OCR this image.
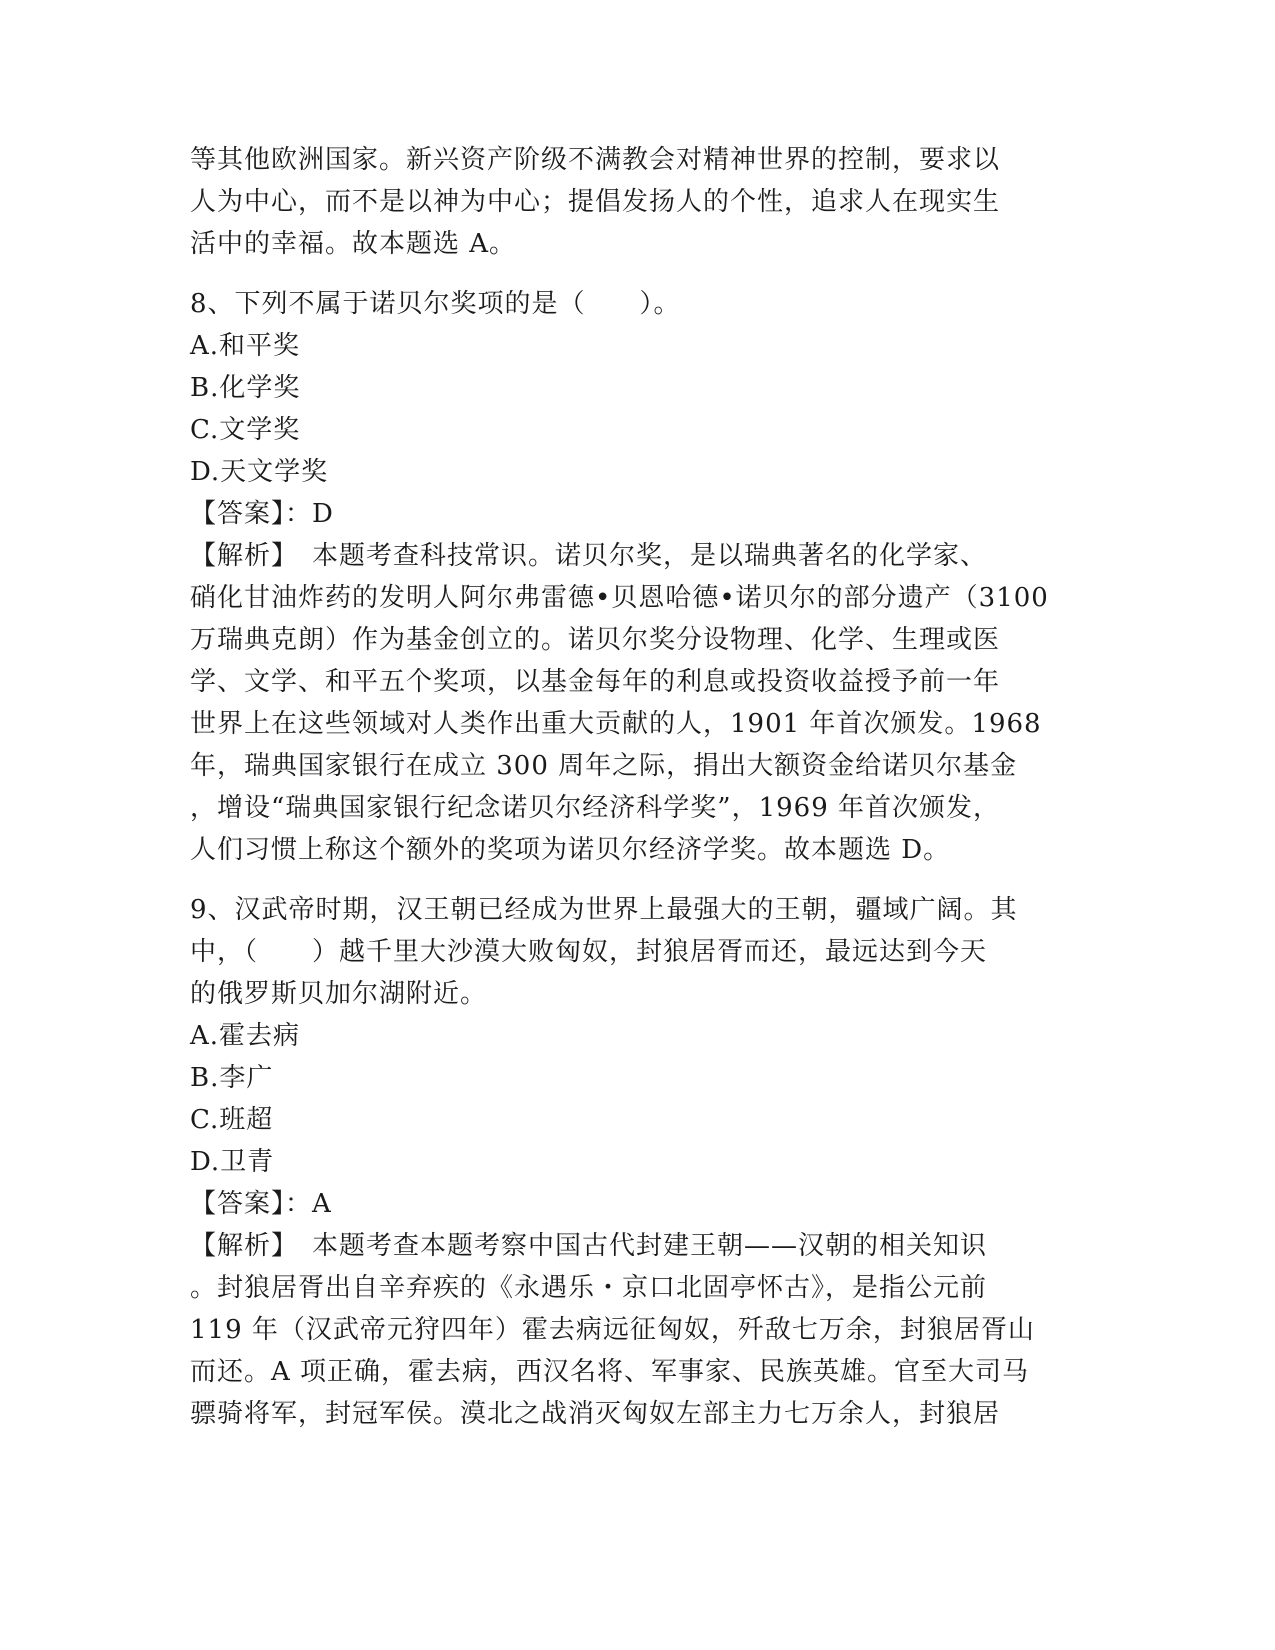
等其他欧洲国家。新兴资产阶级不满教会对精神世界的控制，要求以
人为中心，而不是以神为中心；提倡发扬人的个性，追求人在现实生
活中的幸福。故本题选 A。
8、下列不属于诺贝尔奖项的是（　　）。
A.和平奖
B.化学奖
C.文学奖
D.天文学奖
【答案】：D
【解析】　本题考查科技常识。诺贝尔奖，是以瑞典著名的化学家、
硝化甘油炸药的发明人阿尔弗雷德•贝恩哈德•诺贝尔的部分遗产（3100
万瑞典克朗）作为基金创立的。诺贝尔奖分设物理、化学、生理或医
学、文学、和平五个奖项，以基金每年的利息或投资收益授予前一年
世界上在这些领域对人类作出重大贡献的人，1901 年首次颁发。1968
年，瑞典国家银行在成立 300 周年之际，捐出大额资金给诺贝尔基金
，增设“瑞典国家银行纪念诺贝尔经济科学奖”，1969 年首次颁发，
人们习惯上称这个额外的奖项为诺贝尔经济学奖。故本题选 D。
9、汉武帝时期，汉王朝已经成为世界上最强大的王朝，疆域广阔。其
中，（　　）越千里大沙漠大败匈奴，封狼居胥而还，最远达到今天
的俄罗斯贝加尔湖附近。
A.霍去病
B.李广
C.班超
D.卫青
【答案】：A
【解析】　本题考查本题考察中国古代封建王朝——汉朝的相关知识
。封狼居胥出自辛弃疾的《永遇乐・京口北固亭怀古》，是指公元前
119 年（汉武帝元狩四年）霍去病远征匈奴，歼敌七万余，封狼居胥山
而还。A 项正确，霍去病，西汉名将、军事家、民族英雄。官至大司马
骠骑将军，封冠军侯。漠北之战消灭匈奴左部主力七万余人，封狼居
